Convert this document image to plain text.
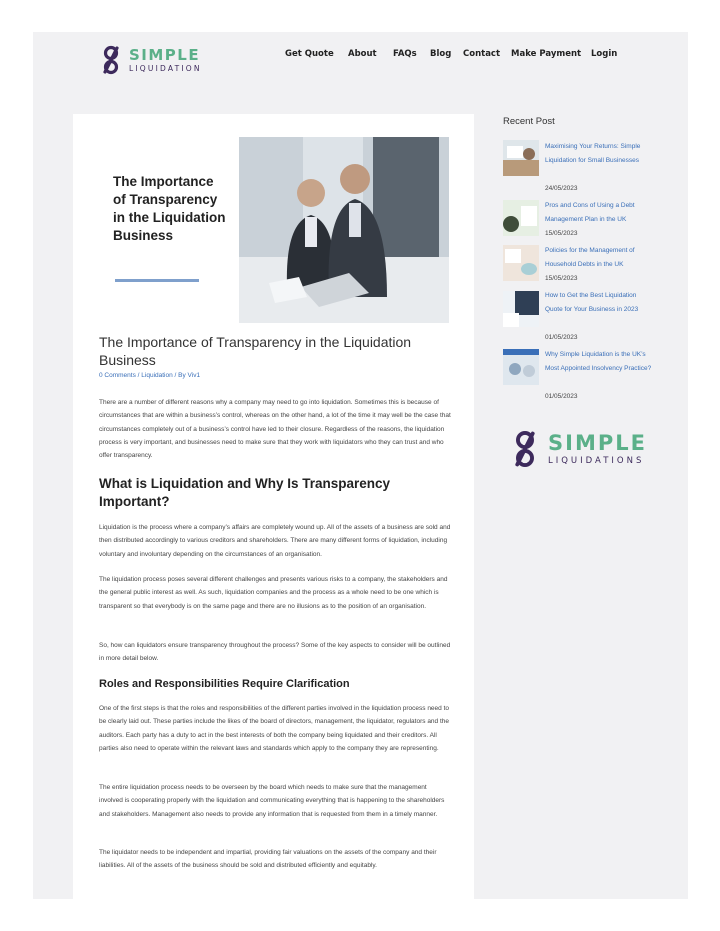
SIMPLE
LIQUIDATION
Get Quote About FAQs Blog Contact Make Payment Login
The Importance
of Transparency
in the Liquidation
Business
The Importance of Transparency in the Liquidation Business
0 Comments / Liquidation / By Viv1

There are a number of different reasons why a company may need to go into liquidation. Sometimes this is because of circumstances that are within a business’s control, whereas on the other hand, a lot of the time it may well be the case that circumstances completely out of a business’s control have led to their closure. Regardless of the reasons, the liquidation process is very important, and businesses need to make sure that they work with liquidators who they can trust and who offer transparency.

What is Liquidation and Why Is Transparency Important?

Liquidation is the process where a company’s affairs are completely wound up. All of the assets of a business are sold and then distributed accordingly to various creditors and shareholders. There are many different forms of liquidation, including voluntary and involuntary depending on the circumstances of an organisation.

The liquidation process poses several different challenges and presents various risks to a company, the stakeholders and the general public interest as well. As such, liquidation companies and the process as a whole need to be one which is transparent so that everybody is on the same page and there are no illusions as to the position of an organisation.

So, how can liquidators ensure transparency throughout the process? Some of the key aspects to consider will be outlined in more detail below.

Roles and Responsibilities Require Clarification

One of the first steps is that the roles and responsibilities of the different parties involved in the liquidation process need to be clearly laid out. These parties include the likes of the board of directors, management, the liquidator, regulators and the auditors. Each party has a duty to act in the best interests of both the company being liquidated and their creditors. All parties also need to operate within the relevant laws and standards which apply to the company they are representing.

The entire liquidation process needs to be overseen by the board which needs to make sure that the management involved is cooperating properly with the liquidation and communicating everything that is happening to the shareholders and stakeholders. Management also needs to provide any information that is requested from them in a timely manner.

The liquidator needs to be independent and impartial, providing fair valuations on the assets of the company and their liabilities. All of the assets of the business should be sold and distributed efficiently and equitably.

Recent Post
Maximising Your Returns: Simple Liquidation for Small Businesses
24/05/2023
Pros and Cons of Using a Debt Management Plan in the UK
15/05/2023
Policies for the Management of Household Debts in the UK
15/05/2023
How to Get the Best Liquidation Quote for Your Business in 2023
01/05/2023
Why Simple Liquidation is the UK’s Most Appointed Insolvency Practice?
01/05/2023
SIMPLE
LIQUIDATIONS
